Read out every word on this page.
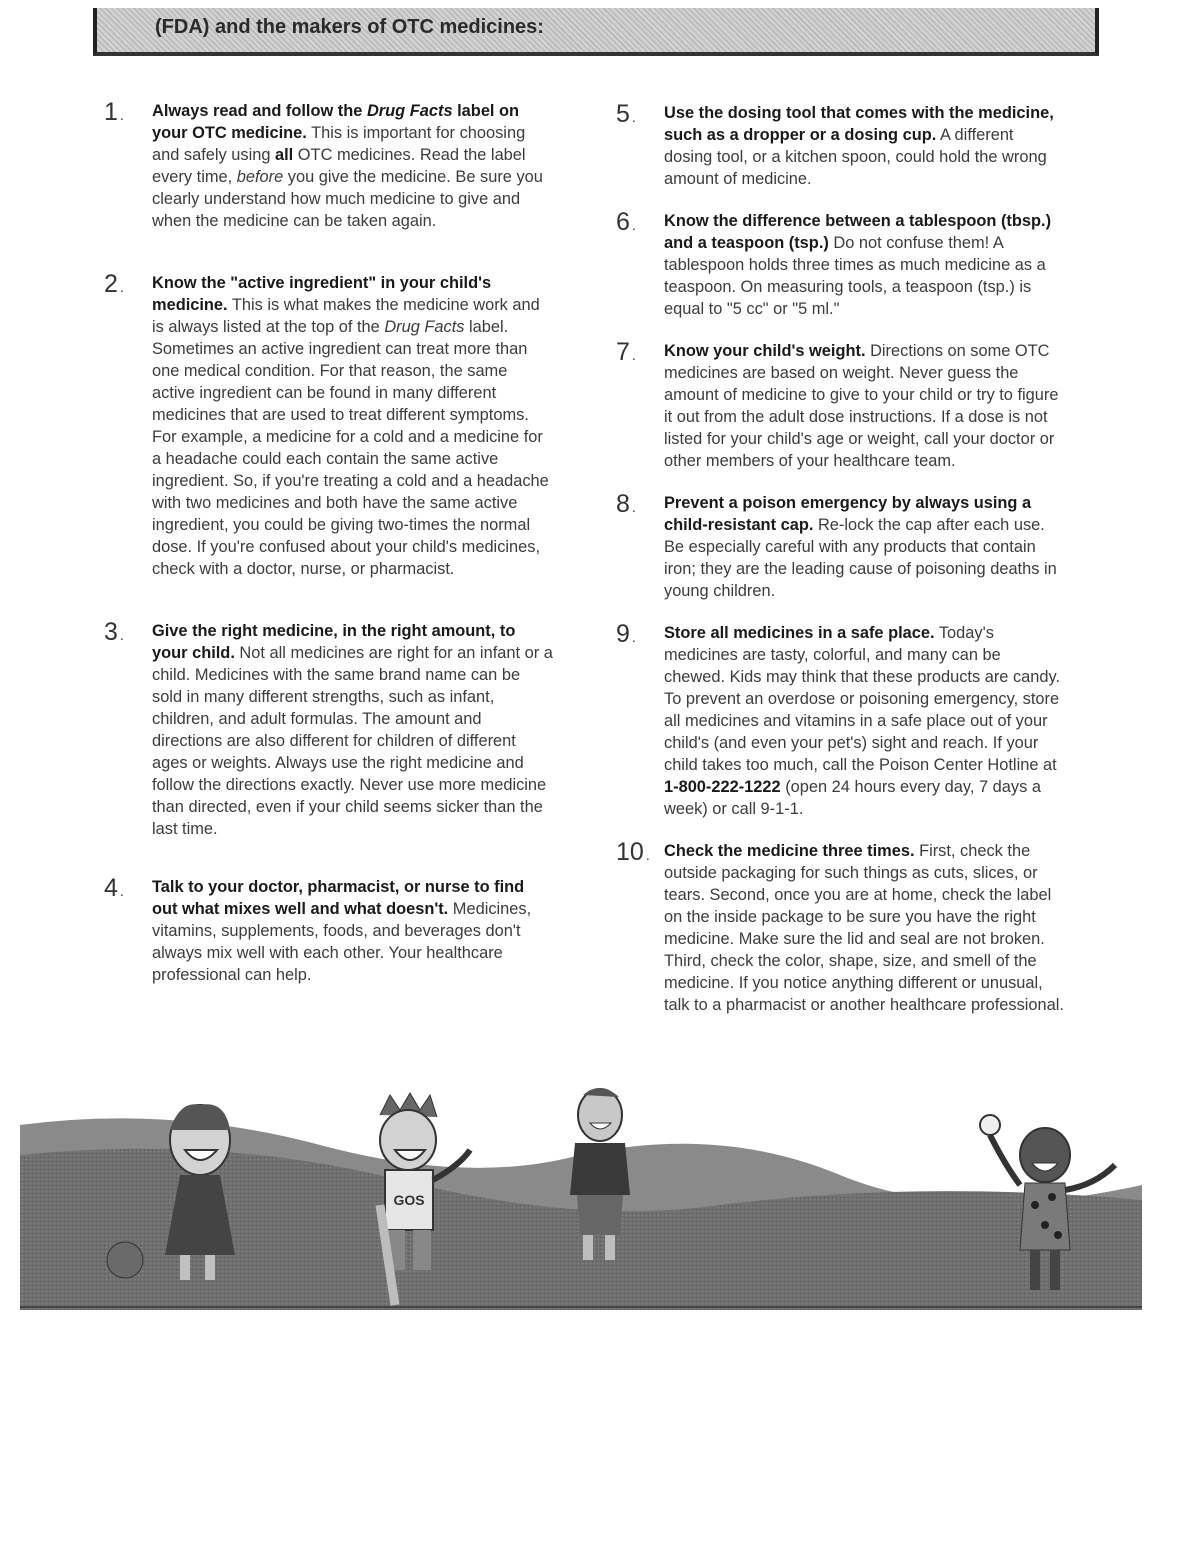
(FDA) and the makers of OTC medicines:
1 .	Always read and follow the Drug Facts label on your OTC medicine. This is important for choosing and safely using all OTC medicines. Read the label every time, before you give the medicine. Be sure you clearly understand how much medicine to give and when the medicine can be taken again.

2 .	Know the "active ingredient" in your child's medicine. This is what makes the medicine work and is always listed at the top of the Drug Facts label. Sometimes an active ingredient can treat more than one medical condition. For that reason, the same active ingredient can be found in many different medicines that are used to treat different symptoms. For example, a medicine for a cold and a medicine for a headache could each contain the same active ingredient. So, if you're treating a cold and a headache with two medicines and both have the same active ingredient, you could be giving two-times the normal dose. If you're confused about your child's medicines, check with a doctor, nurse, or pharmacist.

3 .	Give the right medicine, in the right amount, to your child. Not all medicines are right for an infant or a child. Medicines with the same brand name can be sold in many different strengths, such as infant, children, and adult formulas. The amount and directions are also different for children of different ages or weights. Always use the right medicine and follow the directions exactly. Never use more medicine than directed, even if your child seems sicker than the last time.

4 .	Talk to your doctor, pharmacist, or nurse to find out what mixes well and what doesn't. Medicines, vitamins, supplements, foods, and beverages don't always mix well with each other. Your healthcare professional can help.

5 .	Use the dosing tool that comes with the medicine, such as a dropper or a dosing cup. A different dosing tool, or a kitchen spoon, could hold the wrong amount of medicine.

6 .	Know the difference between a tablespoon (tbsp.) and a teaspoon (tsp.) Do not confuse them! A tablespoon holds three times as much medicine as a teaspoon. On measuring tools, a teaspoon (tsp.) is equal to "5 cc" or "5 ml."

7 .	Know your child's weight. Directions on some OTC medicines are based on weight. Never guess the amount of medicine to give to your child or try to figure it out from the adult dose instructions. If a dose is not listed for your child's age or weight, call your doctor or other members of your healthcare team.

8 .	Prevent a poison emergency by always using a child-resistant cap. Re-lock the cap after each use. Be especially careful with any products that contain iron; they are the leading cause of poisoning deaths in young children.

9 .	Store all medicines in a safe place. Today's medicines are tasty, colorful, and many can be chewed. Kids may think that these products are candy. To prevent an overdose or poisoning emergency, store all medicines and vitamins in a safe place out of your child's (and even your pet's) sight and reach. If your child takes too much, call the Poison Center Hotline at 1-800-222-1222 (open 24 hours every day, 7 days a week) or call 9-1-1.

10 .	Check the medicine three times. First, check the outside packaging for such things as cuts, slices, or tears. Second, once you are at home, check the label on the inside package to be sure you have the right medicine. Make sure the lid and seal are not broken. Third, check the color, shape, size, and smell of the medicine. If you notice anything different or unusual, talk to a pharmacist or another healthcare professional.

GOS
